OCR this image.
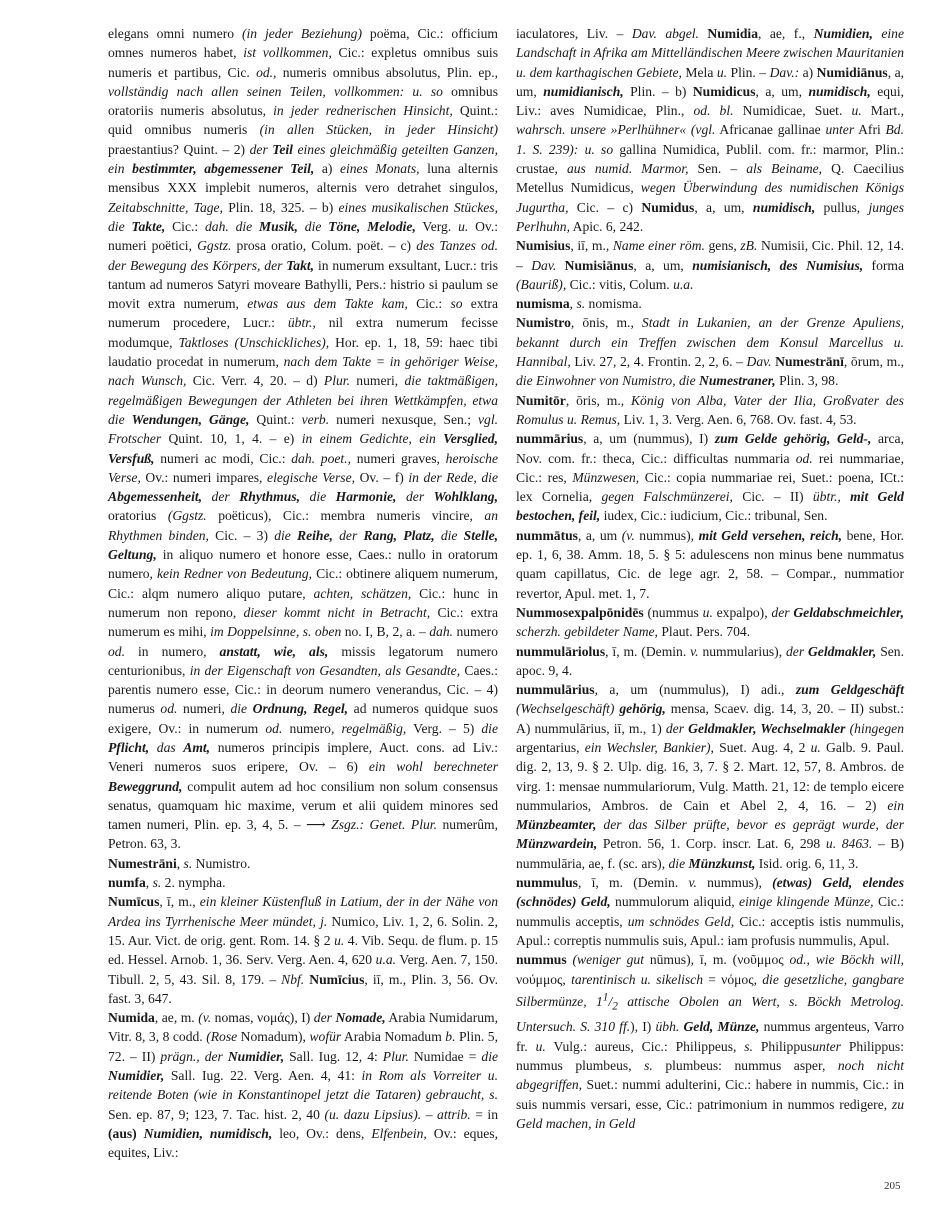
elegans omni numero (in jeder Beziehung) poëma, Cic.: officium omnes numeros habet, ist vollkommen, Cic.: expletus omnibus suis numeris et partibus, Cic. od., numeris omnibus absolutus, Plin. ep., vollständig nach allen seinen Teilen, vollkommen: u. so omnibus oratoriis numeris absolutus, in jeder rednerischen Hinsicht, Quint.: quid omnibus numeris (in allen Stücken, in jeder Hinsicht) praestantius? Quint. – 2) der Teil eines gleichmäßig geteilten Ganzen, ein bestimmter, abgemessener Teil, a) eines Monats, luna alternis mensibus XXX implebit numeros, alternis vero detrahet singulos, Zeitabschnitte, Tage, Plin. 18, 325. – b) eines musikalischen Stückes, die Takte, Cic.: dah. die Musik, die Töne, Melodie, Verg. u. Ov.: numeri poëtici, Ggstz. prosa oratio, Colum. poët. – c) des Tanzes od. der Bewegung des Körpers, der Takt, in numerum exsultant, Lucr.: tris tantum ad numeros Satyri moveare Bathylli, Pers.: histrio si paulum se movit extra numerum, etwas aus dem Takte kam, Cic.: so extra numerum procedere, Lucr.: übtr., nil extra numerum fecisse modumque, Taktloses (Unschickliches), Hor. ep. 1, 18, 59: haec tibi laudatio procedat in numerum, nach dem Takte = in gehöriger Weise, nach Wunsch, Cic. Verr. 4, 20. – d) Plur. numeri, die taktmäßigen, regelmäßigen Bewegungen der Athleten bei ihren Wettkämpfen, etwa die Wendungen, Gänge, Quint.: verb. numeri nexusque, Sen.; vgl. Frotscher Quint. 10, 1, 4. – e) in einem Gedichte, ein Versglied, Versfuß, numeri ac modi, Cic.: dah. poet., numeri graves, heroische Verse, Ov.: numeri impares, elegische Verse, Ov. – f) in der Rede, die Abgemessenheit, der Rhythmus, die Harmonie, der Wohlklang, oratorius (Ggstz. poëticus), Cic.: membra numeris vincire, an Rhythmen binden, Cic. – 3) die Reihe, der Rang, Platz, die Stelle, Geltung, in aliquo numero et honore esse, Caes.: nullo in oratorum numero, kein Redner von Bedeutung, Cic.: obtinere aliquem numerum, Cic.: alqm numero aliquo putare, achten, schätzen, Cic.: hunc in numerum non reponо, dieser kommt nicht in Betracht, Cic.: extra numerum es mihi, im Doppelsinne, s. oben no. I, B, 2, a. – dah. numero od. in numero, anstatt, wie, als, missis legatorum numero centurionibus, in der Eigenschaft von Gesandten, als Gesandte, Caes.: parentis numero esse, Cic.: in deorum numero venerandus, Cic. – 4) numerus od. numeri, die Ordnung, Regel, ad numeros quidque suos exigere, Ov.: in numerum od. numero, regelmäßig, Verg. – 5) die Pflicht, das Amt, numeros principis implere, Auct. cons. ad Liv.: Veneri numeros suos eripere, Ov. – 6) ein wohl berechneter Beweggrund, compulit autem ad hoc consilium non solum consensus senatus, quamquam hic maxime, verum et alii quidem minores sed tamen numeri, Plin. ep. 3, 4, 5. – ⟶ Zsgz.: Genet. Plur. numerûm, Petron. 63, 3.

Numestrāni, s. Numistro.

numfa, s. 2. nympha.

Numīcus, ī, m., ein kleiner Küstenfluß in Latium, der in der Nähe von Ardea ins Tyrrhenische Meer mündet, j. Numico, Liv. 1, 2, 6. Solin. 2, 15. Aur. Vict. de orig. gent. Rom. 14. § 2 u. 4. Vib. Sequ. de flum. p. 15 ed. Hessel. Arnob. 1, 36. Serv. Verg. Aen. 4, 620 u.a. Verg. Aen. 7, 150. Tibull. 2, 5, 43. Sil. 8, 179. – Nbf. Numīcius, iī, m., Plin. 3, 56. Ov. fast. 3, 647.

Numida, ae, m. (v. nomas, νομάς), I) der Nomade, Arabia Numidarum, Vitr. 8, 3, 8 codd. (Rose Nomadum), wofür Arabia Nomadum b. Plin. 5, 72. – II) prägn., der Numidier, Sall. Iug. 12, 4: Plur. Numidae = die Numidier, Sall. Iug. 22. Verg. Aen. 4, 41: in Rom als Vorreiter u. reitende Boten (wie in Konstantinopel jetzt die Tataren) gebraucht, s. Sen. ep. 87, 9; 123, 7. Tac. hist. 2, 40 (u. dazu Lipsius). – attrib. = in (aus) Numidien, numidisch, leo, Ov.: dens, Elfenbein, Ov.: eques, equites, Liv.:

iaculatores, Liv. – Dav. abgel. Numidia, ae, f., Numidien, eine Landschaft in Afrika am Mittelländischen Meere zwischen Mauritanien u. dem karthagischen Gebiete, Mela u. Plin. – Dav.: a) Numidiānus, a, um, numidianisch, Plin. – b) Numidicus, a, um, numidisch, equi, Liv.: aves Numidicae, Plin., od. bl. Numidicae, Suet. u. Mart., wahrsch. unsere »Perlhühner« (vgl. Africanae gallinae unter Afri Bd. 1. S. 239): u. so gallina Numidica, Publil. com. fr.: marmor, Plin.: crustae, aus numid. Marmor, Sen. – als Beiname, Q. Caecilius Metellus Numidicus, wegen Überwindung des numidischen Königs Jugurtha, Cic. – c) Numidus, a, um, numidisch, pullus, junges Perlhuhn, Apic. 6, 242.

Numisius, iī, m., Name einer röm. gens, zB. Numisii, Cic. Phil. 12, 14. – Dav. Numisiānus, a, um, numisianisch, des Numisius, forma (Baurіß), Cic.: vitis, Colum. u.a.

numisma, s. nomisma.

Numistro, ōnis, m., Stadt in Lukanien, an der Grenze Apuliens, bekannt durch ein Treffen zwischen dem Konsul Marcellus u. Hannibal, Liv. 27, 2, 4. Frontin. 2, 2, 6. – Dav. Numestrānī, ōrum, m., die Einwohner von Numistro, die Numestraner, Plin. 3, 98.

Numitōr, ōris, m., König von Alba, Vater der Ilia, Großvater des Romulus u. Remus, Liv. 1, 3. Verg. Aen. 6, 768. Ov. fast. 4, 53.

nummārius, a, um (nummus), I) zum Gelde gehörig, Geld-, arca, Nov. com. fr.: theca, Cic.: difficultas nummaria od. rei nummariae, Cic.: res, Münzwesen, Cic.: copia nummariae rei, Suet.: poena, ICt.: lex Cornelia, gegen Falschmünzerei, Cic. – II) übtr., mit Geld bestochen, feil, iudex, Cic.: iudicium, Cic.: tribunal, Sen.

nummātus, a, um (v. nummus), mit Geld versehen, reich, bene, Hor. ep. 1, 6, 38. Amm. 18, 5. § 5: adulescens non minus bene nummatus quam capillatus, Cic. de lege agr. 2, 58. – Compar., nummatior revertor, Apul. met. 1, 7.

Nummosexpalpōnidēs (nummus u. expalpo), der Geldabschmeichler, scherzh. gebildeter Name, Plaut. Pers. 704.

nummulāriolus, ī, m. (Demin. v. nummularius), der Geldmakler, Sen. apoc. 9, 4.

nummulārius, a, um (nummulus), I) adi., zum Geldgeschäft (Wechselgeschäft) gehörig, mensa, Scaev. dig. 14, 3, 20. – II) subst.: A) nummulārius, iī, m., 1) der Geldmakler, Wechselmakler (hingegen argentarius, ein Wechsler, Bankier), Suet. Aug. 4, 2 u. Galb. 9. Paul. dig. 2, 13, 9. § 2. Ulp. dig. 16, 3, 7. § 2. Mart. 12, 57, 8. Ambros. de virg. 1: mensae nummulariorum, Vulg. Matth. 21, 12: de templo eicere nummularios, Ambros. de Cain et Abel 2, 4, 16. – 2) ein Münzbeamter, der das Silber prüfte, bevor es geprägt wurde, der Münzwardein, Petron. 56, 1. Corp. inscr. Lat. 6, 298 u. 8463. – B) nummulāria, ae, f. (sc. ars), die Münzkunst, Isid. orig. 6, 11, 3.

nummulus, ī, m. (Demin. v. nummus), (etwas) Geld, elendes (schnödes) Geld, nummulorum aliquid, einige klingende Münze, Cic.: nummulis acceptis, um schnödes Geld, Cic.: acceptis istis nummulis, Apul.: correptis nummulis suis, Apul.: iam profusis nummulis, Apul.

nummus (weniger gut nūmus), ī, m. (νοῦμμος od., wie Böckh will, νούμμος, tarentinisch u. sikelisch = νόμος, die gesetzliche, gangbare Silbermünze, $1^1/_2$ attische Obolen an Wert, s. Böckh Metrolog. Untersuch. S. 310 ff.), I) übh. Geld, Münze, nummus argenteus, Varro fr. u. Vulg.: aureus, Cic.: Philippeus, s. Philippusunter Philippus: nummus plumbeus, s. plumbeus: nummus asper, noch nicht abgegriffen, Suet.: nummi adulterini, Cic.: habere in nummis, Cic.: in suis nummis versari, esse, Cic.: patrimonium in nummos redigere, zu Geld machen, in Geld

205
